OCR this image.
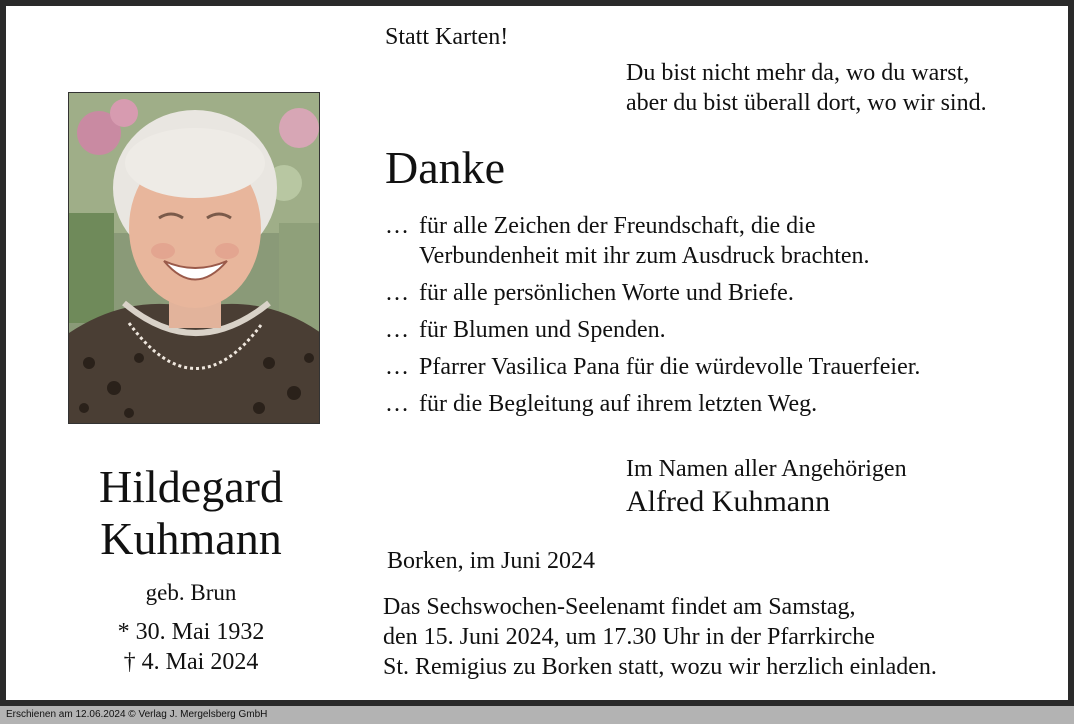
Statt Karten!
Du bist nicht mehr da, wo du warst,
aber du bist überall dort, wo wir sind.
Hildegard
Kuhmann
geb. Brun
* 30. Mai 1932
† 4. Mai 2024
Danke
… für alle Zeichen der Freundschaft, die die
Verbundenheit mit ihr zum Ausdruck brachten.
… für alle persönlichen Worte und Briefe.
… für Blumen und Spenden.
… Pfarrer Vasilica Pana für die würdevolle Trauerfeier.
… für die Begleitung auf ihrem letzten Weg.
Im Namen aller Angehörigen
Alfred Kuhmann
Borken, im Juni 2024
Das Sechswochen-Seelenamt findet am Samstag,
den 15. Juni 2024, um 17.30 Uhr in der Pfarrkirche
St. Remigius zu Borken statt, wozu wir herzlich einladen.
Erschienen am 12.06.2024 © Verlag J. Mergelsberg GmbH
